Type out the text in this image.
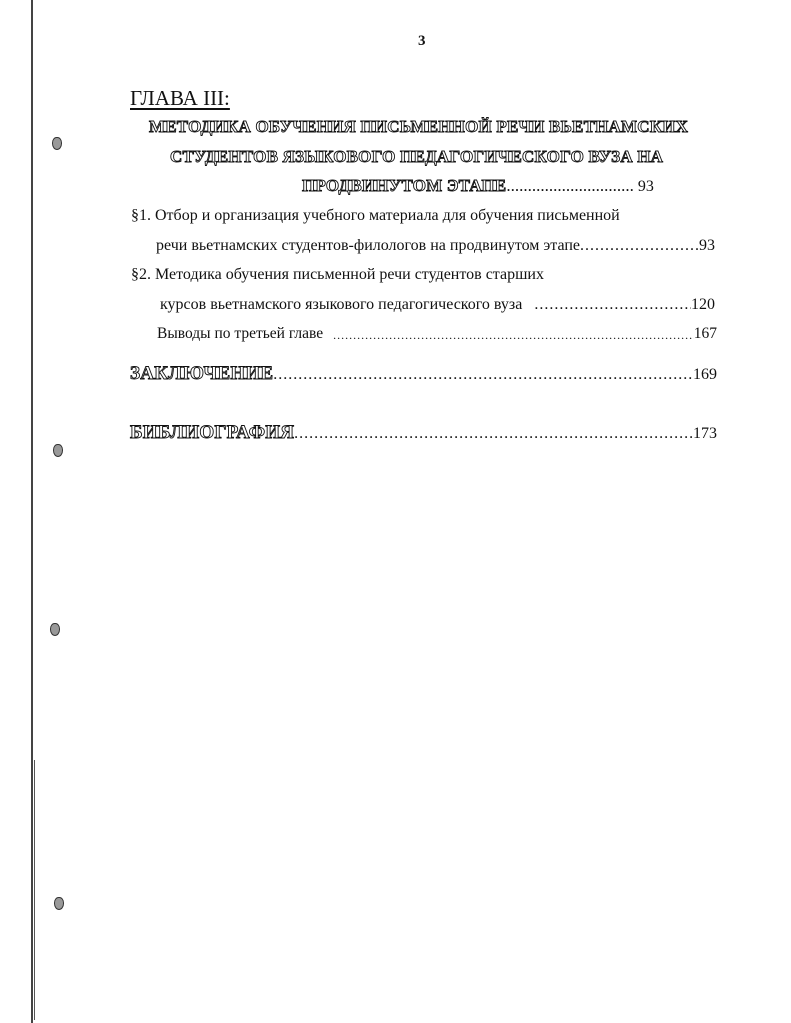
3
ГЛАВА III:
МЕТОДИКА ОБУЧЕНИЯ ПИСЬМЕННОЙ РЕЧИ ВЬЕТНАМСКИХ
СТУДЕНТОВ ЯЗЫКОВОГО ПЕДАГОГИЧЕСКОГО ВУЗА НА
ПРОДВИНУТОМ ЭТАПЕ.............................. 93
§1. Отбор и организация учебного материала для обучения письменной
речи вьетнамских студентов-филологов на продвинутом этапе .....	93
§2. Методика обучения письменной речи студентов старших
курсов вьетнамского языкового педагогического вуза .....	120
Выводы по третьей главе .....	167
ЗАКЛЮЧЕНИЕ .....	169
БИБЛИОГРАФИЯ .....	173
